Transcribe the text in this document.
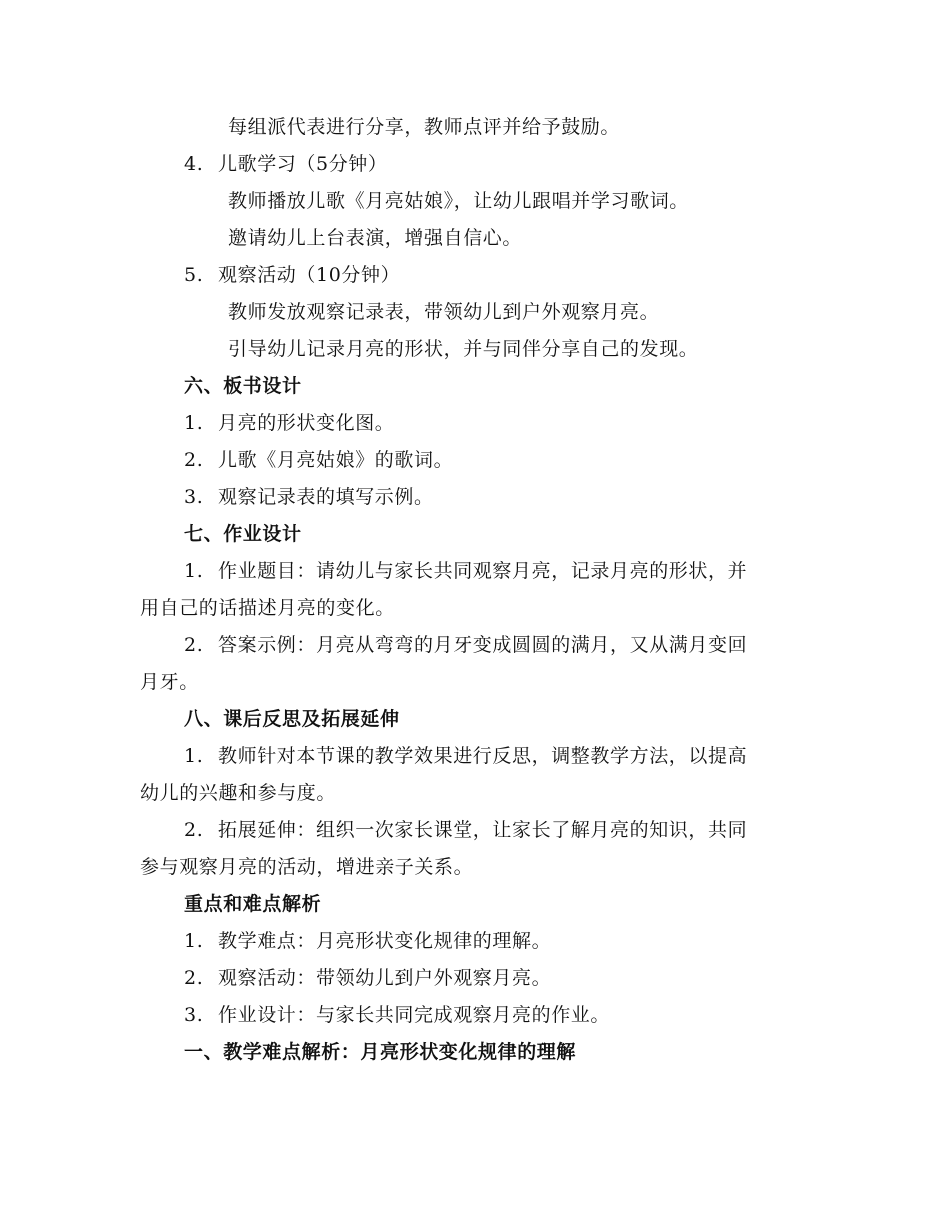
每组派代表进行分享，教师点评并给予鼓励。
4. 儿歌学习（5分钟）
教师播放儿歌《月亮姑娘》，让幼儿跟唱并学习歌词。
邀请幼儿上台表演，增强自信心。
5. 观察活动（10分钟）
教师发放观察记录表，带领幼儿到户外观察月亮。
引导幼儿记录月亮的形状，并与同伴分享自己的发现。
六、板书设计
1. 月亮的形状变化图。
2. 儿歌《月亮姑娘》的歌词。
3. 观察记录表的填写示例。
七、作业设计
1. 作业题目：请幼儿与家长共同观察月亮，记录月亮的形状，并
用自己的话描述月亮的变化。
2. 答案示例：月亮从弯弯的月牙变成圆圆的满月，又从满月变回
月牙。
八、课后反思及拓展延伸
1. 教师针对本节课的教学效果进行反思，调整教学方法，以提高
幼儿的兴趣和参与度。
2. 拓展延伸：组织一次家长课堂，让家长了解月亮的知识，共同
参与观察月亮的活动，增进亲子关系。
重点和难点解析
1. 教学难点：月亮形状变化规律的理解。
2. 观察活动：带领幼儿到户外观察月亮。
3. 作业设计：与家长共同完成观察月亮的作业。
一、教学难点解析：月亮形状变化规律的理解
